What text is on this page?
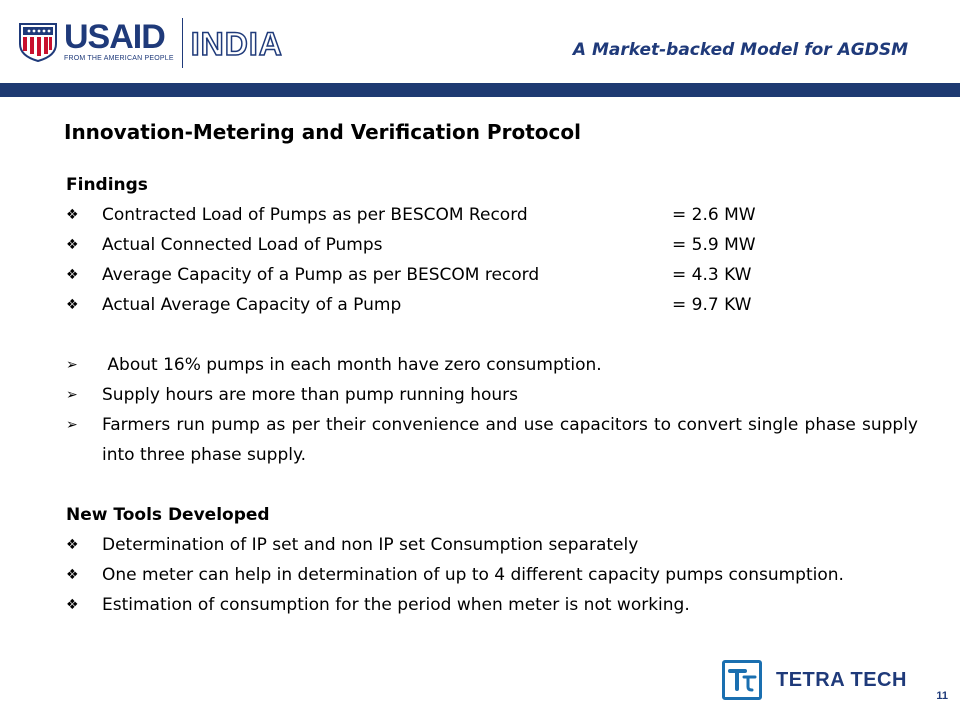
USAID
FROM THE AMERICAN PEOPLE INDIA	A Market-backed Model for AGDSM
Innovation-Metering and Verification Protocol
Findings
❖	Contracted Load of Pumps as per BESCOM Record	= 2.6 MW
❖	Actual Connected Load of Pumps	= 5.9 MW
❖	Average Capacity of a Pump as per BESCOM record	= 4.3 KW
❖	Actual Average Capacity of a Pump	= 9.7 KW
➢	About 16% pumps in each month have zero consumption.
➢	Supply hours are more than pump running hours
➢	Farmers run pump as per their convenience and use capacitors to convert single phase supply into three phase supply.
New Tools Developed
❖	Determination of IP set and non IP set Consumption separately
❖	One meter can help in determination of up to 4 different capacity pumps consumption.
❖	Estimation of consumption for the period when meter is not working.
TETRA TECH
11
